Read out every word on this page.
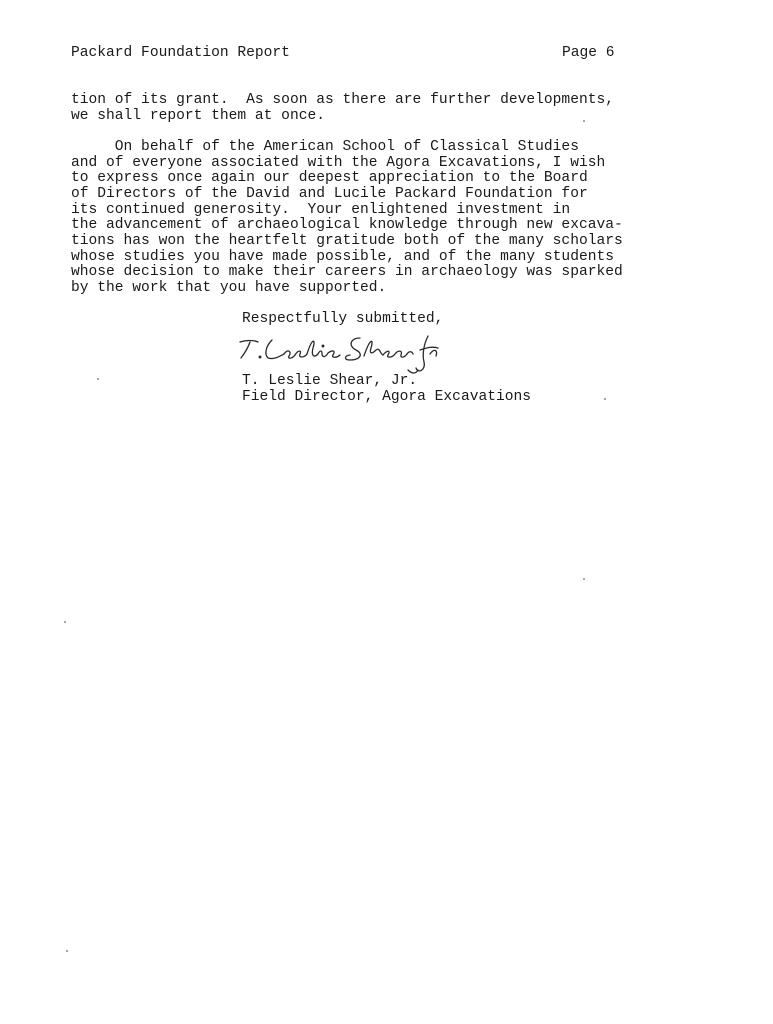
Packard Foundation Report	Page 6
tion of its grant.  As soon as there are further developments,
we shall report them at once.
On behalf of the American School of Classical Studies
and of everyone associated with the Agora Excavations, I wish
to express once again our deepest appreciation to the Board
of Directors of the David and Lucile Packard Foundation for
its continued generosity.  Your enlightened investment in
the advancement of archaeological knowledge through new excava-
tions has won the heartfelt gratitude both of the many scholars
whose studies you have made possible, and of the many students
whose decision to make their careers in archaeology was sparked
by the work that you have supported.
Respectfully submitted,
T. Leslie Shear, Jr.
Field Director, Agora Excavations
